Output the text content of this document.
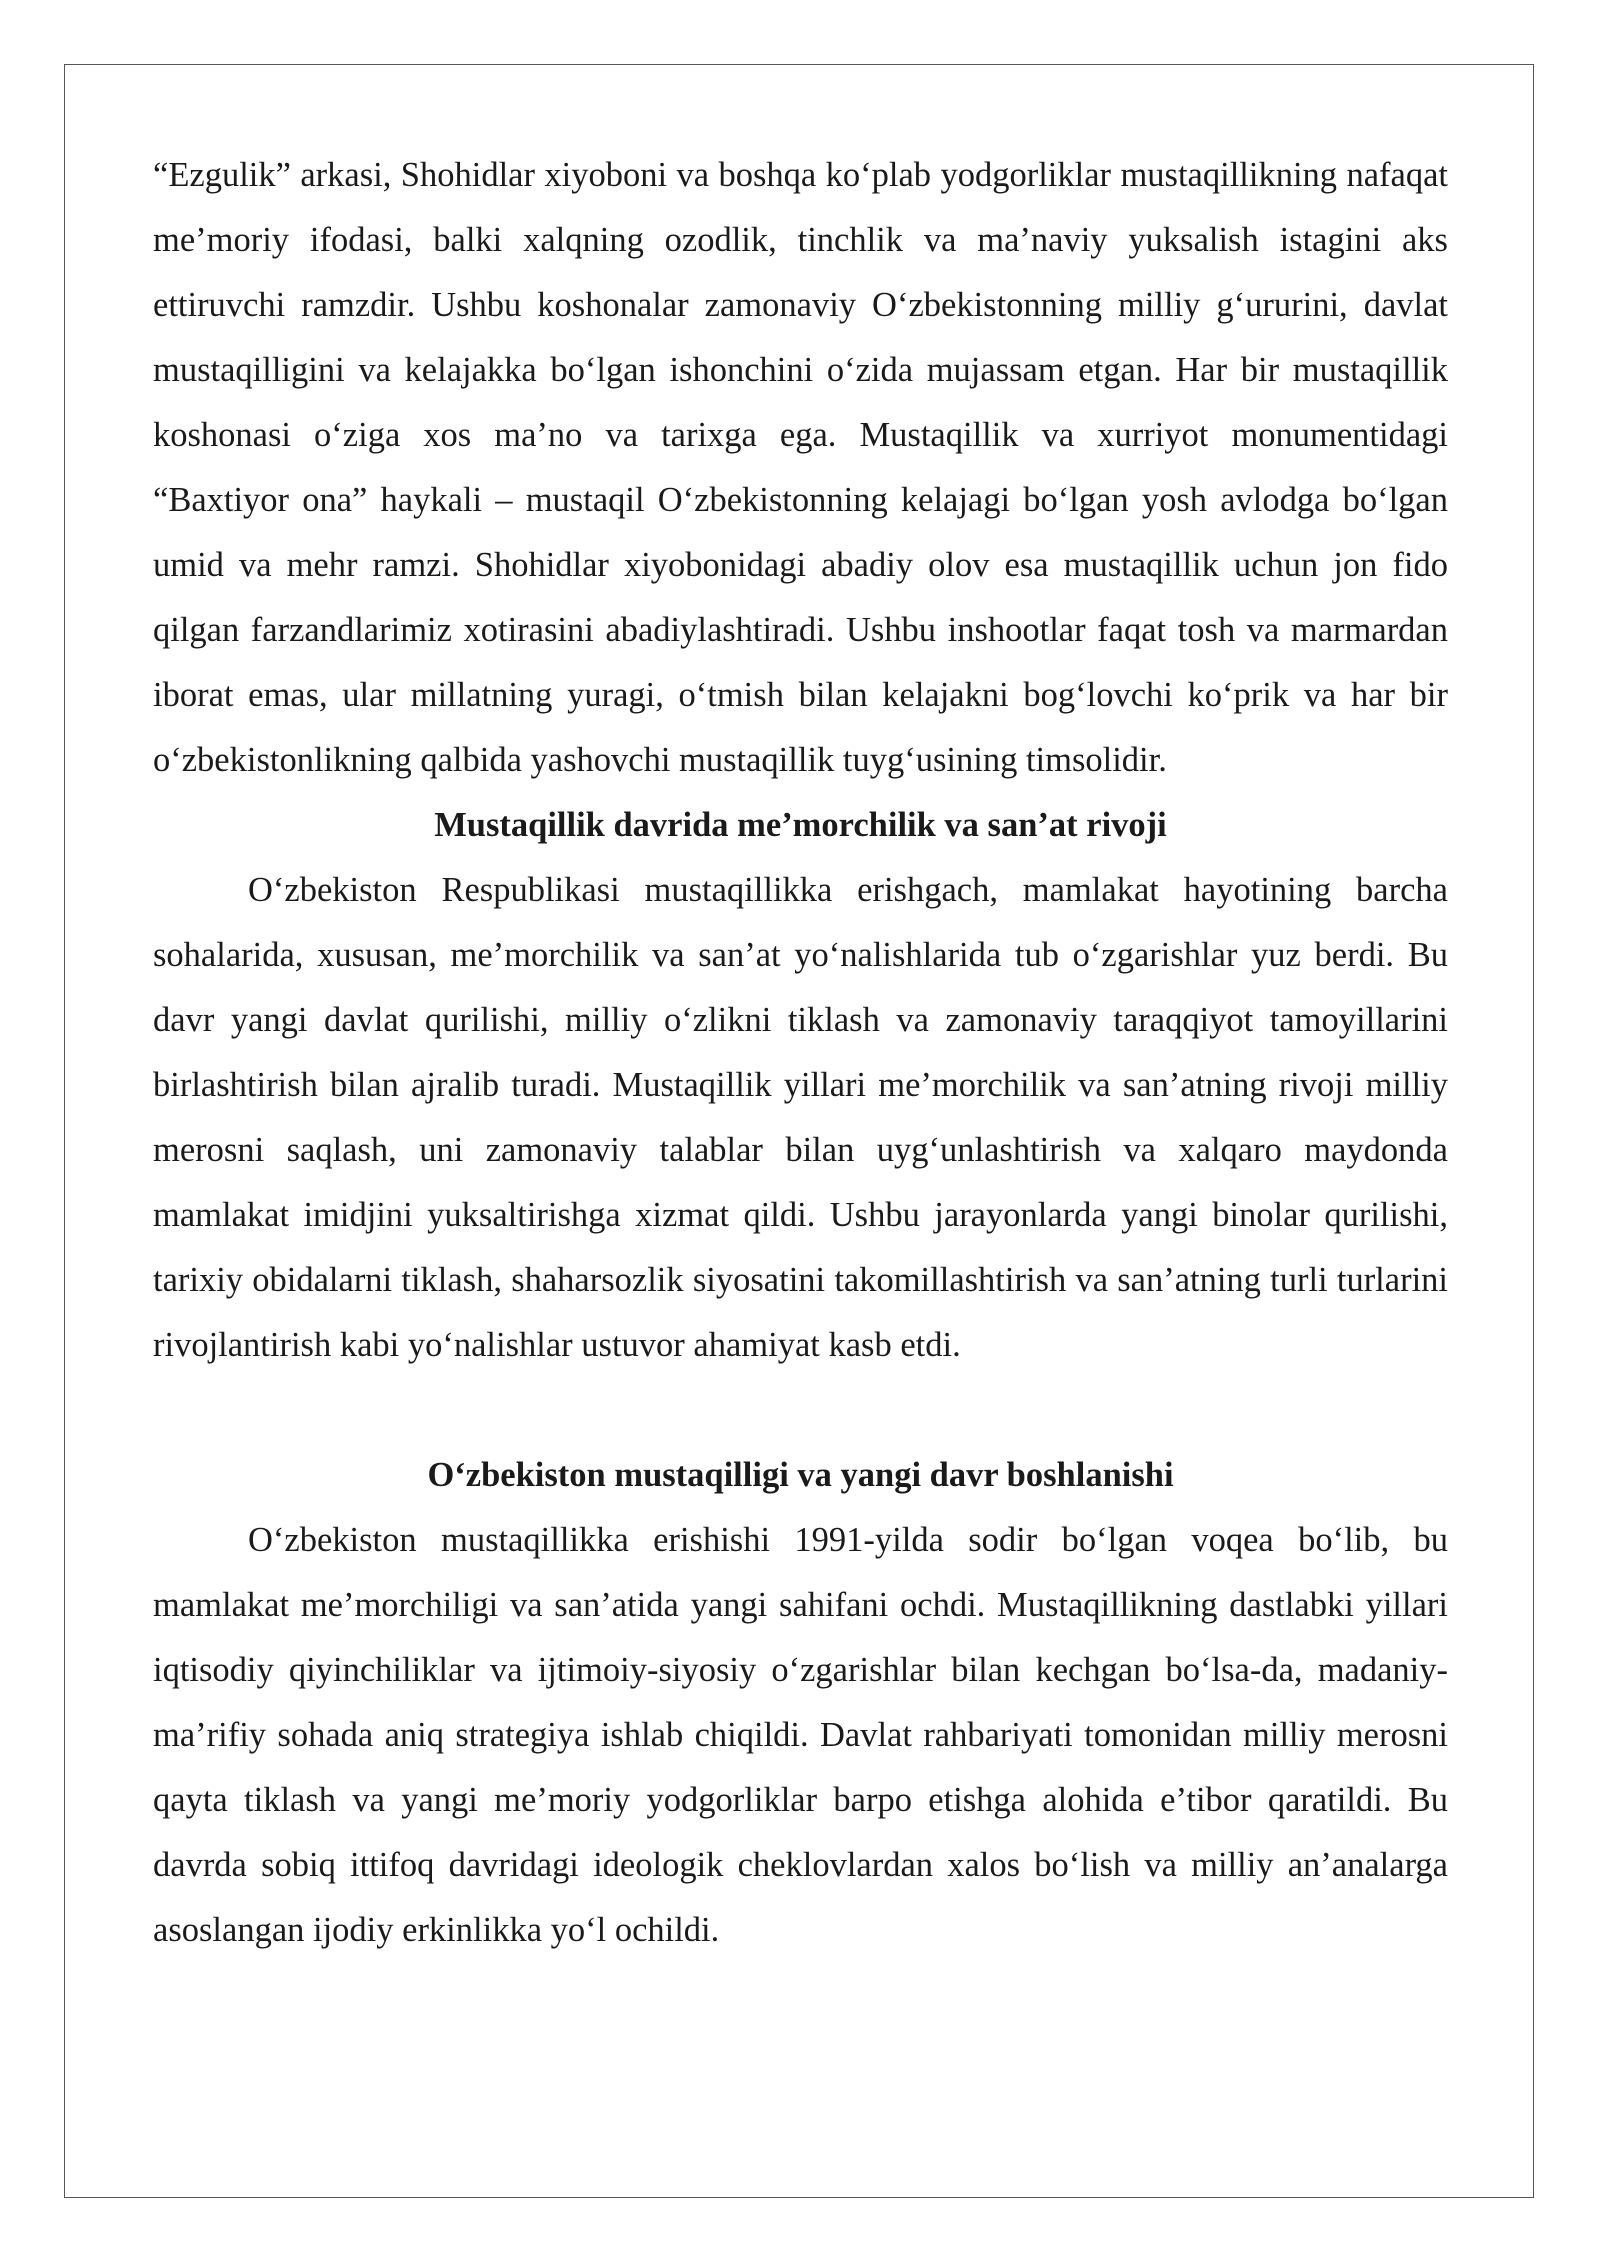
“Ezgulik” arkasi, Shohidlar xiyoboni va boshqa koʻplab yodgorliklar mustaqillikning nafaqat me’moriy ifodasi, balki xalqning ozodlik, tinchlik va ma’naviy yuksalish istagini aks ettiruvchi ramzdir. Ushbu koshonalar zamonaviy Oʻzbekistonning milliy gʻururini, davlat mustaqilligini va kelajakka boʻlgan ishonchini oʻzida mujassam etgan. Har bir mustaqillik koshonasi oʻziga xos ma’no va tarixga ega. Mustaqillik va xurriyot monumentidagi “Baxtiyor ona” haykali – mustaqil Oʻzbekistonning kelajagi boʻlgan yosh avlodga boʻlgan umid va mehr ramzi. Shohidlar xiyobonidagi abadiy olov esa mustaqillik uchun jon fido qilgan farzandlarimiz xotirasini abadiylashtiradi. Ushbu inshootlar faqat tosh va marmardan iborat emas, ular millatning yuragi, oʻtmish bilan kelajakni bogʻlovchi koʻprik va har bir oʻzbekistonlikning qalbida yashovchi mustaqillik tuygʻusining timsolidir.

Mustaqillik davrida me’morchilik va san’at rivoji

Oʻzbekiston Respublikasi mustaqillikka erishgach, mamlakat hayotining barcha sohalarida, xususan, me’morchilik va san’at yoʻnalishlarida tub oʻzgarishlar yuz berdi. Bu davr yangi davlat qurilishi, milliy oʻzlikni tiklash va zamonaviy taraqqiyot tamoyillarini birlashtirish bilan ajralib turadi. Mustaqillik yillari me’morchilik va san’atning rivoji milliy merosni saqlash, uni zamonaviy talablar bilan uygʻunlashtirish va xalqaro maydonda mamlakat imidjini yuksaltirishga xizmat qildi. Ushbu jarayonlarda yangi binolar qurilishi, tarixiy obidalarni tiklash, shaharsozlik siyosatini takomillashtirish va san’atning turli turlarini rivojlantirish kabi yoʻnalishlar ustuvor ahamiyat kasb etdi.

Oʻzbekiston mustaqilligi va yangi davr boshlanishi

Oʻzbekiston mustaqillikka erishishi 1991-yilda sodir boʻlgan voqea boʻlib, bu mamlakat me’morchiligi va san’atida yangi sahifani ochdi. Mustaqillikning dastlabki yillari iqtisodiy qiyinchiliklar va ijtimoiy-siyosiy oʻzgarishlar bilan kechgan boʻlsa-da, madaniy-ma’rifiy sohada aniq strategiya ishlab chiqildi. Davlat rahbariyati tomonidan milliy merosni qayta tiklash va yangi me’moriy yodgorliklar barpo etishga alohida e’tibor qaratildi. Bu davrda sobiq ittifoq davridagi ideologik cheklovlardan xalos boʻlish va milliy an’analarga asoslangan ijodiy erkinlikka yoʻl ochildi.
